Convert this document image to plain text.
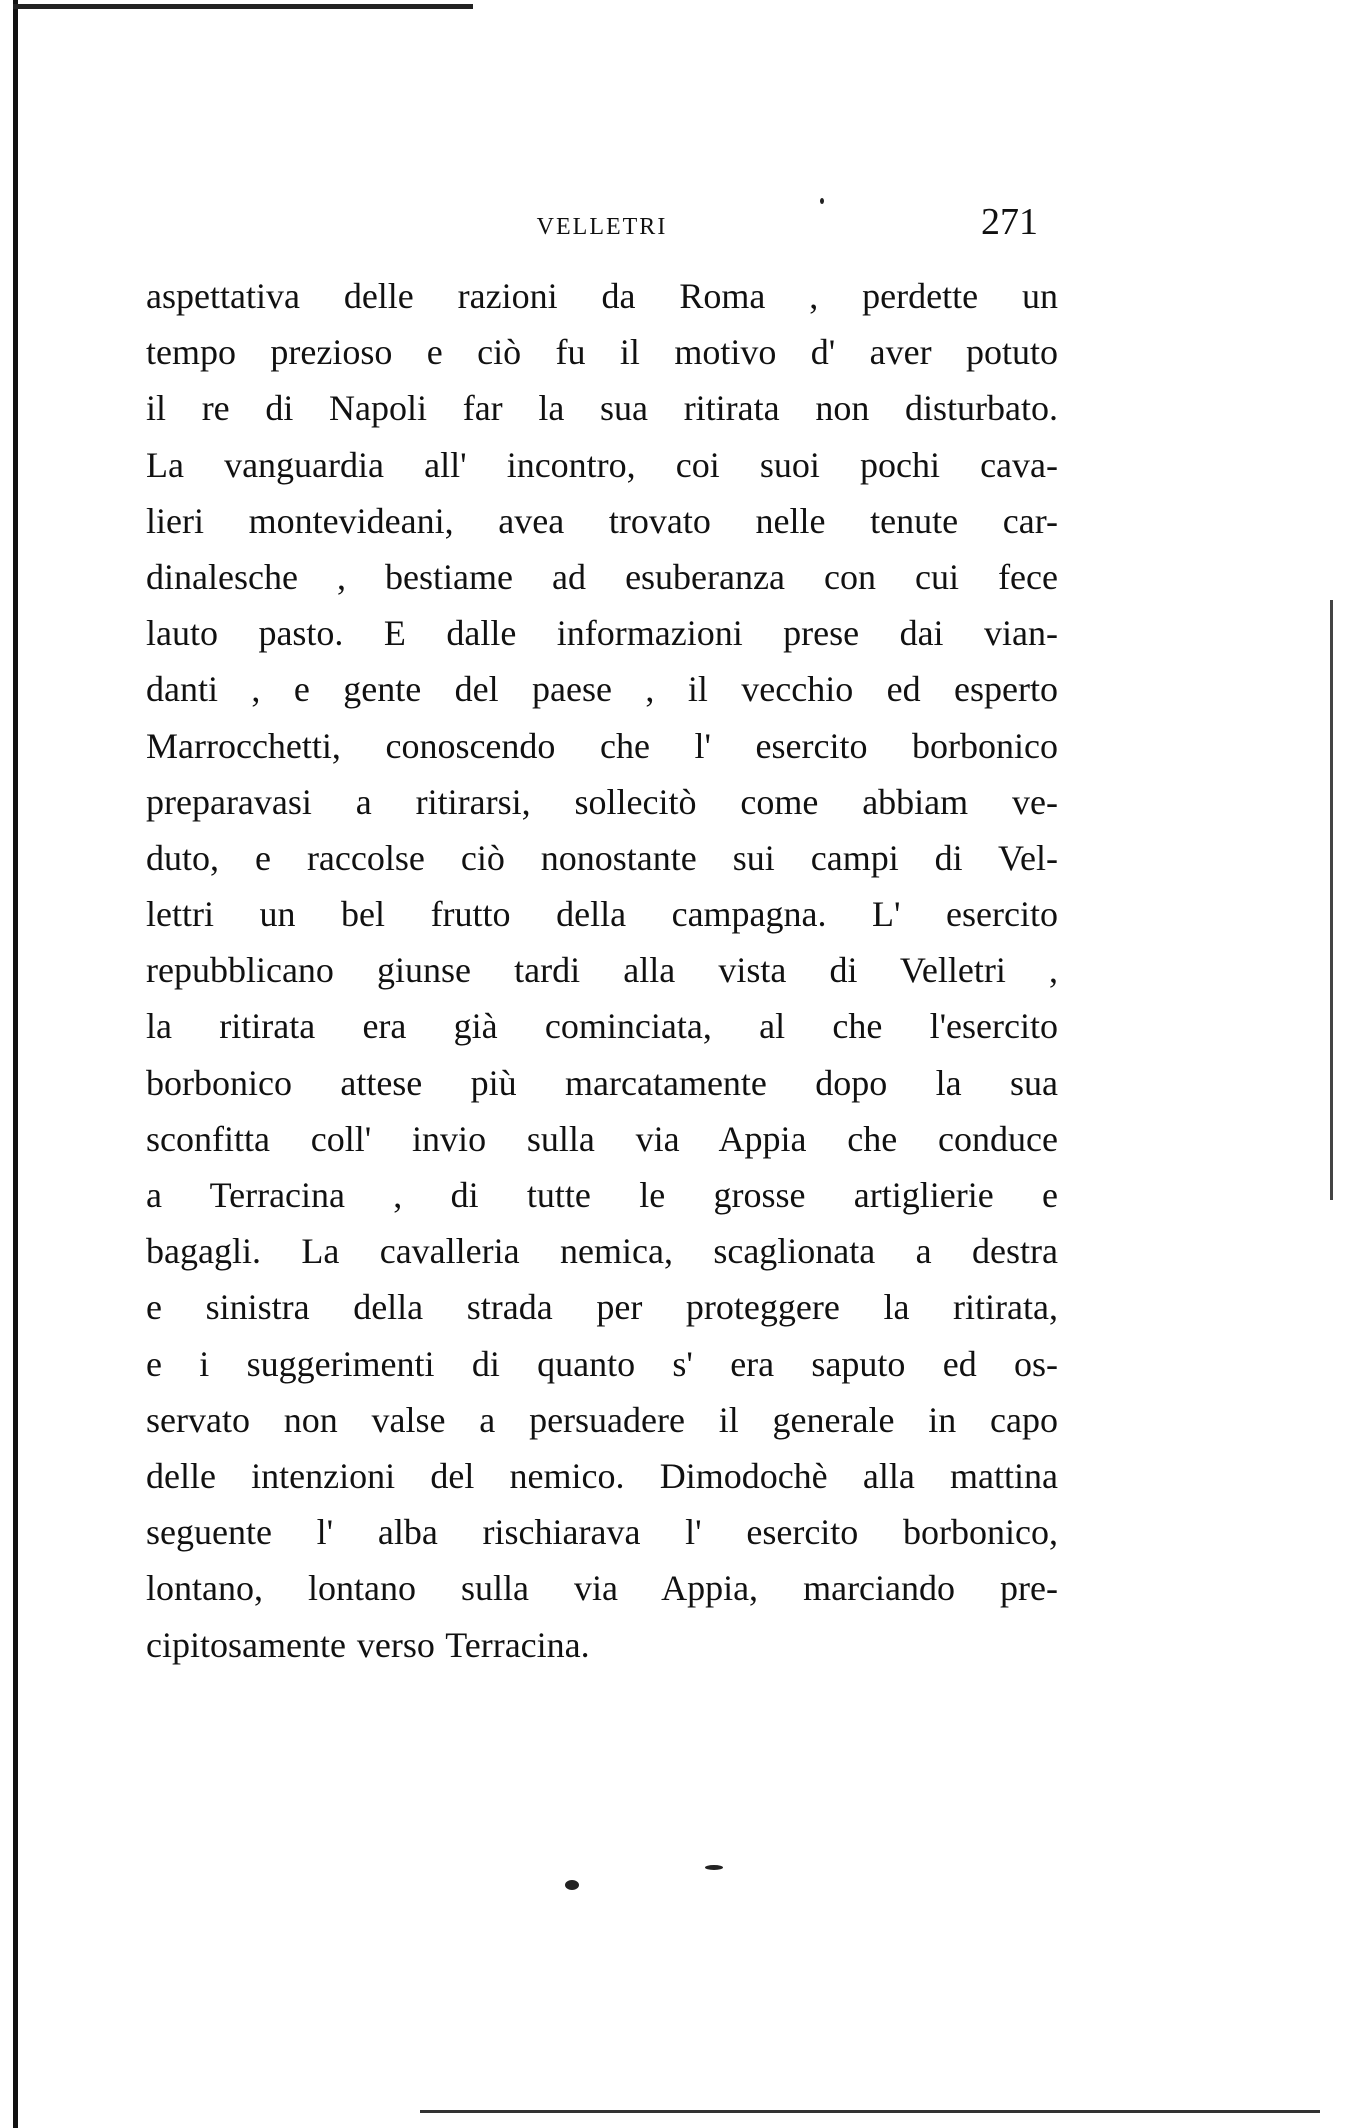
VELLETRI	271
aspettativa delle razioni da Roma , perdette un
tempo prezioso e ciò fu il motivo d' aver potuto
il re di Napoli far la sua ritirata non disturbato.
La vanguardia all' incontro, coi suoi pochi cava-
lieri montevideani, avea trovato nelle tenute car-
dinalesche , bestiame ad esuberanza con cui fece
lauto pasto. E dalle informazioni prese dai vian-
danti , e gente del paese , il vecchio ed esperto
Marrocchetti, conoscendo che l' esercito borbonico
preparavasi a ritirarsi, sollecitò come abbiam ve-
duto, e raccolse ciò nonostante sui campi di Vel-
lettri un bel frutto della campagna. L' esercito
repubblicano giunse tardi alla vista di Velletri ,
la ritirata era già cominciata, al che l'esercito
borbonico attese più marcatamente dopo la sua
sconfitta coll' invio sulla via Appia che conduce
a Terracina , di tutte le grosse artiglierie e
bagagli. La cavalleria nemica, scaglionata a destra
e sinistra della strada per proteggere la ritirata,
e i suggerimenti di quanto s' era saputo ed os-
servato non valse a persuadere il generale in capo
delle intenzioni del nemico. Dimodochè alla mattina
seguente l' alba rischiarava l' esercito borbonico,
lontano, lontano sulla via Appia, marciando pre-
cipitosamente verso Terracina.
